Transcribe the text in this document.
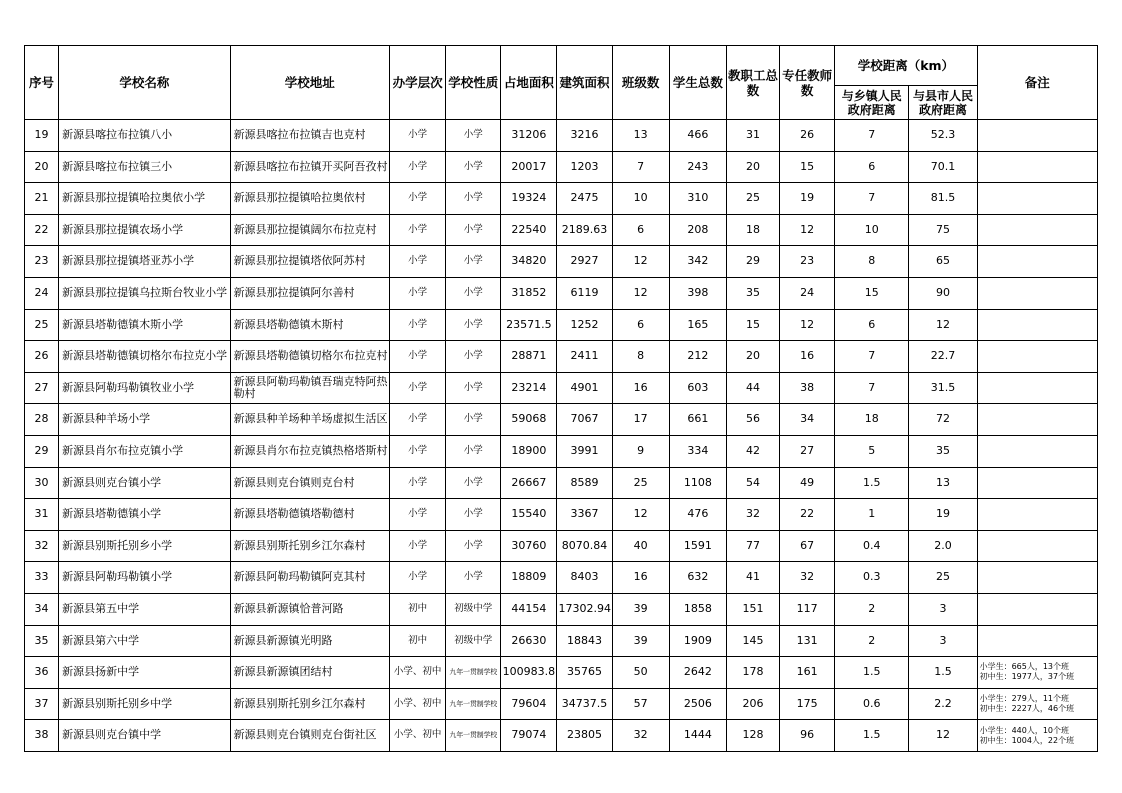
序号	学校名称	学校地址	办学层次	学校性质	占地面积	建筑面积	班级数	学生总数	教职工总数	专任教师数	学校距离（km）		备注
											与乡镇人民政府距离	与县市人民政府距离	
19	新源县喀拉布拉镇八小	新源县喀拉布拉镇吉也克村	小学	小学	31206	3216	13	466	31	26	7	52.3	

20	新源县喀拉布拉镇三小	新源县喀拉布拉镇开买阿吾孜村	小学	小学	20017	1203	7	243	20	15	6	70.1	

21	新源县那拉提镇哈拉奥依小学	新源县那拉提镇哈拉奥依村	小学	小学	19324	2475	10	310	25	19	7	81.5	

22	新源县那拉提镇农场小学	新源县那拉提镇阔尔布拉克村	小学	小学	22540	2189.63	6	208	18	12	10	75	

23	新源县那拉提镇塔亚苏小学	新源县那拉提镇塔依阿苏村	小学	小学	34820	2927	12	342	29	23	8	65	

24	新源县那拉提镇乌拉斯台牧业小学	新源县那拉提镇阿尔善村	小学	小学	31852	6119	12	398	35	24	15	90	

25	新源县塔勒德镇木斯小学	新源县塔勒德镇木斯村	小学	小学	23571.5	1252	6	165	15	12	6	12	

26	新源县塔勒德镇切格尔布拉克小学	新源县塔勒德镇切格尔布拉克村	小学	小学	28871	2411	8	212	20	16	7	22.7	

27	新源县阿勒玛勒镇牧业小学	新源县阿勒玛勒镇吾瑞克特阿热勒村	小学	小学	23214	4901	16	603	44	38	7	31.5	

28	新源县种羊场小学	新源县种羊场种羊场虚拟生活区	小学	小学	59068	7067	17	661	56	34	18	72	

29	新源县肖尔布拉克镇小学	新源县肖尔布拉克镇热格塔斯村	小学	小学	18900	3991	9	334	42	27	5	35	

30	新源县则克台镇小学	新源县则克台镇则克台村	小学	小学	26667	8589	25	1108	54	49	1.5	13	

31	新源县塔勒德镇小学	新源县塔勒德镇塔勒德村	小学	小学	15540	3367	12	476	32	22	1	19	

32	新源县别斯托别乡小学	新源县别斯托别乡江尔森村	小学	小学	30760	8070.84	40	1591	77	67	0.4	2.0	

33	新源县阿勒玛勒镇小学	新源县阿勒玛勒镇阿克其村	小学	小学	18809	8403	16	632	41	32	0.3	25	

34	新源县第五中学	新源县新源镇恰普河路	初中	初级中学	44154	17302.94	39	1858	151	117	2	3	

35	新源县第六中学	新源县新源镇光明路	初中	初级中学	26630	18843	39	1909	145	131	2	3	

36	新源县扬新中学	新源县新源镇团结村	小学、初中	九年一贯制学校	100983.8	35765	50	2642	178	161	1.5	1.5	小学生：665人，13个班
初中生：1977人，37个班

37	新源县别斯托别乡中学	新源县别斯托别乡江尔森村	小学、初中	九年一贯制学校	79604	34737.5	57	2506	206	175	0.6	2.2	小学生：279人，11个班
初中生：2227人，46个班

38	新源县则克台镇中学	新源县则克台镇则克台街社区	小学、初中	九年一贯制学校	79074	23805	32	1444	128	96	1.5	12	小学生：440人，10个班
初中生：1004人，22个班
